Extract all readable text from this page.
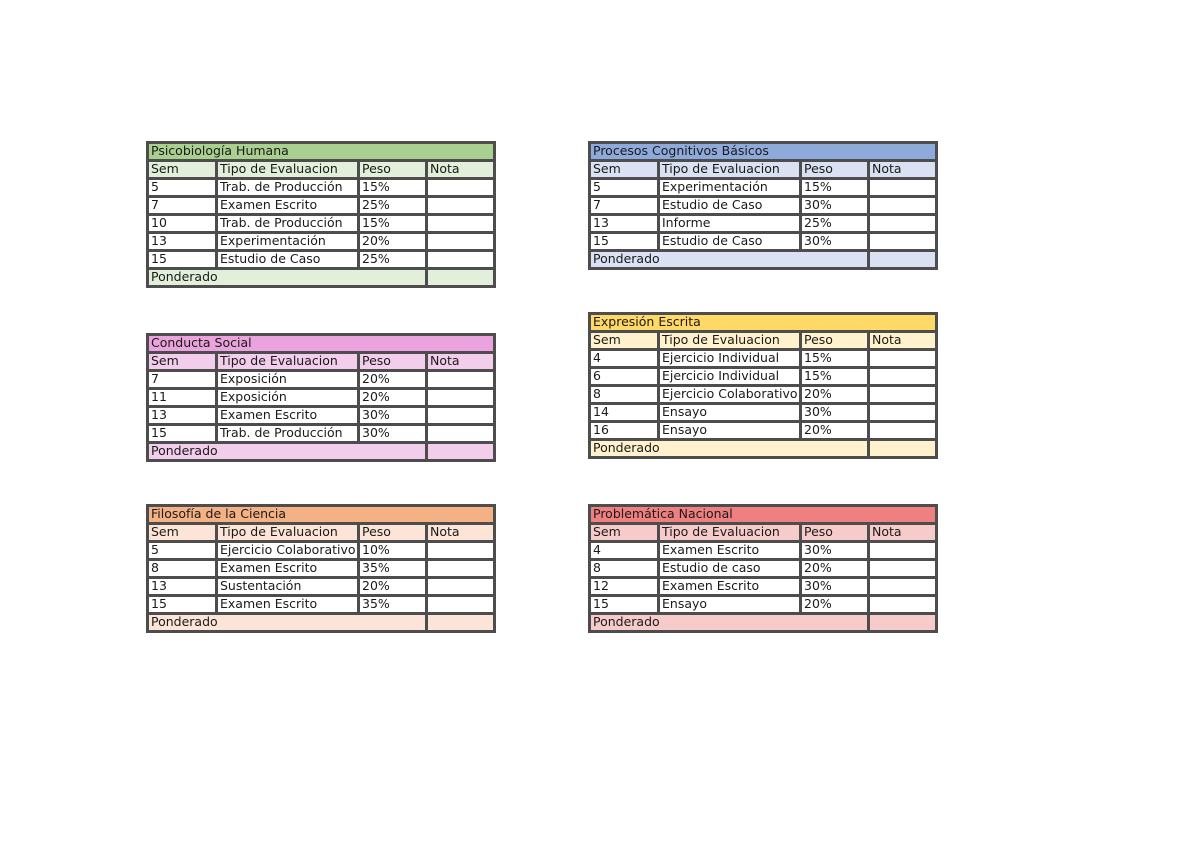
Psicobiología Humana			
Sem	Tipo de Evaluacion	Peso	Nota
5	Trab. de Producción	15%	
7	Examen Escrito	25%	
10	Trab. de Producción	15%	
13	Experimentación	20%	
15	Estudio de Caso	25%	
Ponderado			
Conducta Social			
Sem	Tipo de Evaluacion	Peso	Nota
7	Exposición	20%	
11	Exposición	20%	
13	Examen Escrito	30%	
15	Trab. de Producción	30%	
Ponderado			
Filosofía de la Ciencia			
Sem	Tipo de Evaluacion	Peso	Nota
5	Ejercicio Colaborativo	10%	
8	Examen Escrito	35%	
13	Sustentación	20%	
15	Examen Escrito	35%	
Ponderado			
Procesos Cognitivos Básicos			
Sem	Tipo de Evaluacion	Peso	Nota
5	Experimentación	15%	
7	Estudio de Caso	30%	
13	Informe	25%	
15	Estudio de Caso	30%	
Ponderado			
Expresión Escrita			
Sem	Tipo de Evaluacion	Peso	Nota
4	Ejercicio Individual	15%	
6	Ejercicio Individual	15%	
8	Ejercicio Colaborativo	20%	
14	Ensayo	30%	
16	Ensayo	20%	
Ponderado			
Problemática Nacional			
Sem	Tipo de Evaluacion	Peso	Nota
4	Examen Escrito	30%	
8	Estudio de caso	20%	
12	Examen Escrito	30%	
15	Ensayo	20%	
Ponderado			
